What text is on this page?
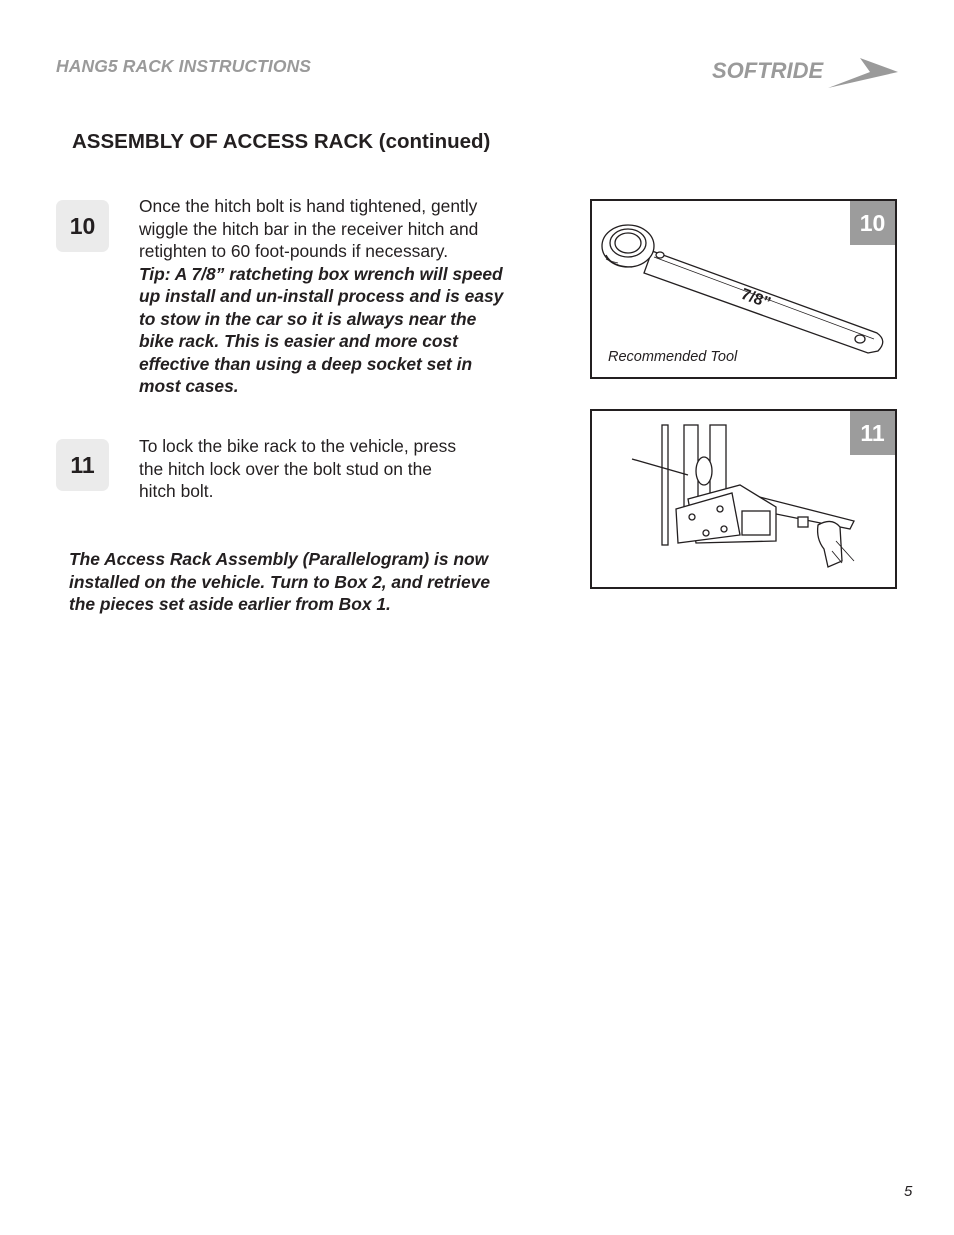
HANG5 RACK INSTRUCTIONS	SOFTRIDE
ASSEMBLY OF ACCESS RACK (continued)
10
Once the hitch bolt is hand tightened, gently
wiggle the hitch bar in the receiver hitch and
retighten to 60 foot-pounds if necessary.
Tip: A 7/8” ratcheting box wrench will speed
up install and un-install process and is easy
to stow in the car so it is always near the
bike rack. This is easier and more cost
effective than using a deep socket set in
most cases.
11
To lock the bike rack to the vehicle, press
the hitch lock over the bolt stud on the
hitch bolt.
The Access Rack Assembly (Parallelogram) is now
installed on the vehicle. Turn to Box 2, and retrieve
the pieces set aside earlier from Box 1.
7/8”
10
Recommended Tool
11
5
